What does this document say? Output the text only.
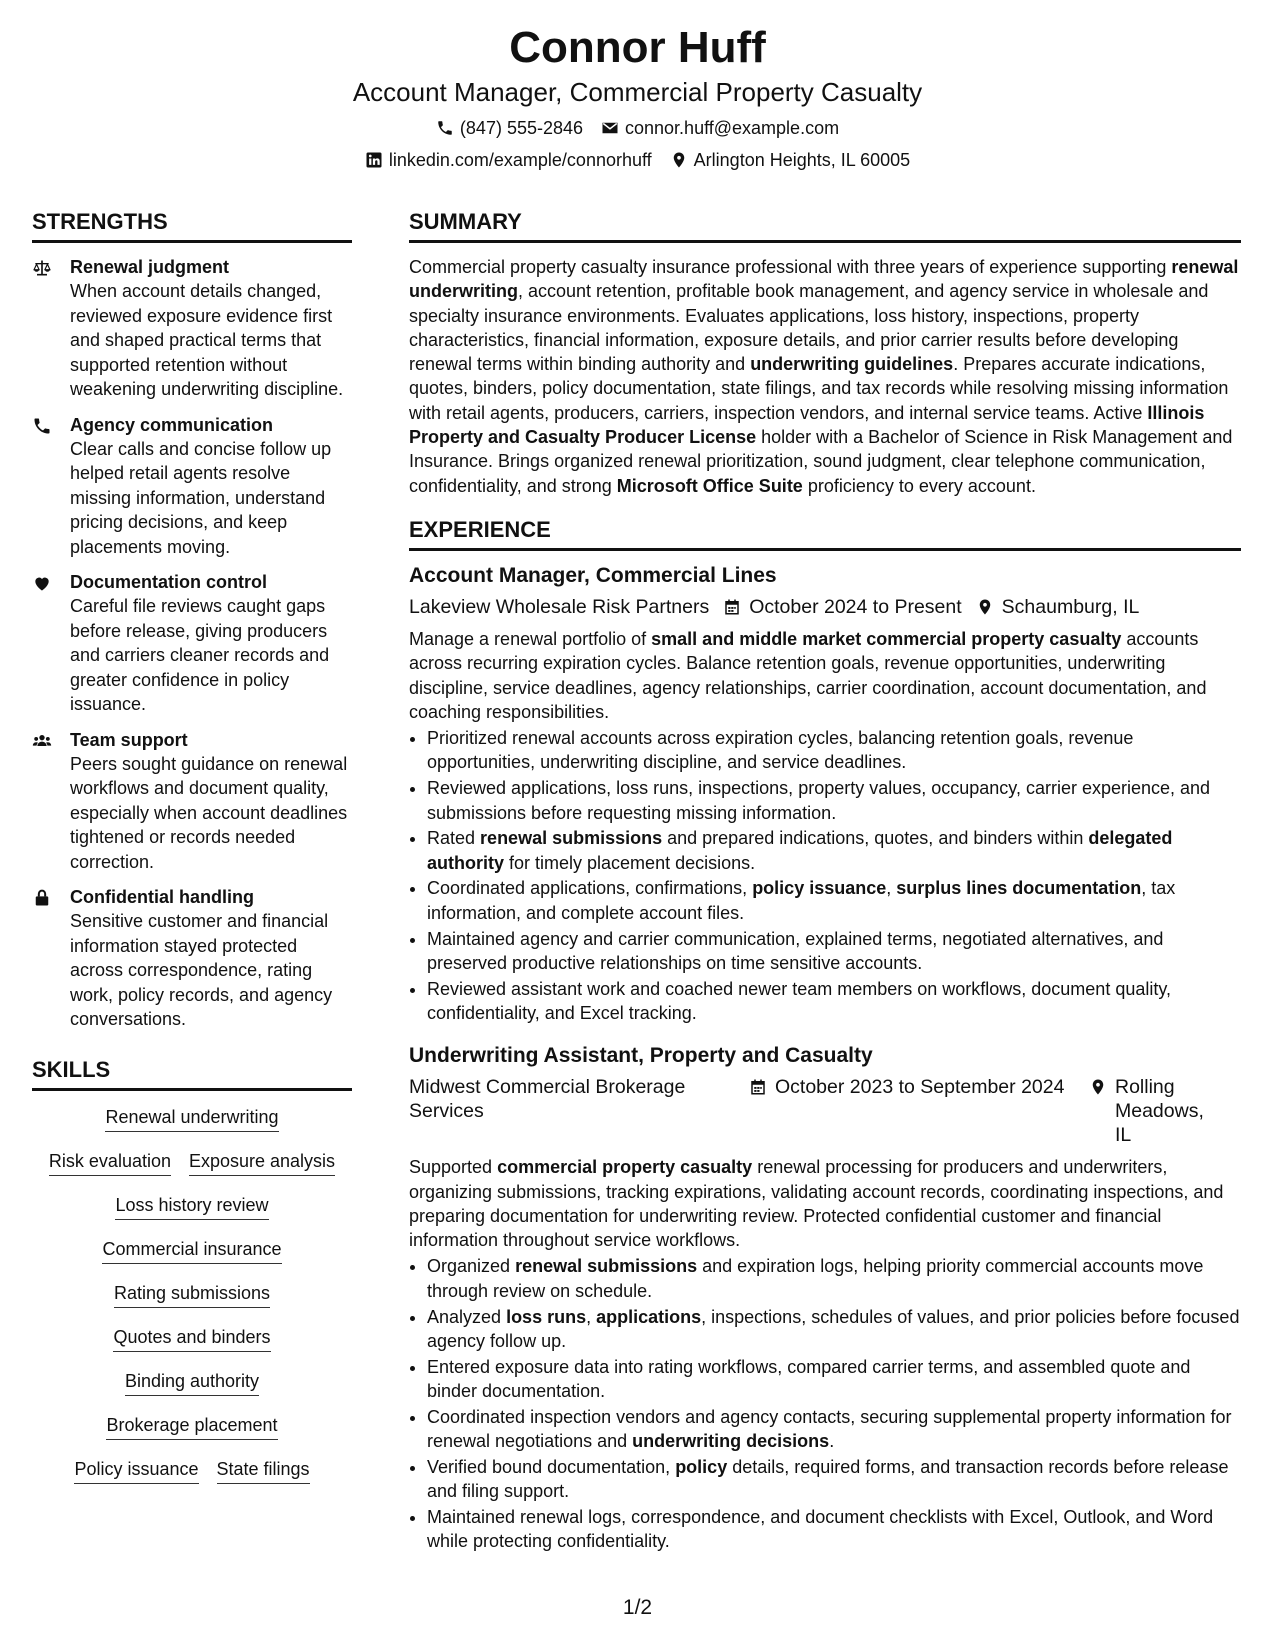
Connor Huff
Account Manager, Commercial Property Casualty
(847) 555-2846 connor.huff@example.com
linkedin.com/example/connorhuff Arlington Heights, IL 60005
STRENGTHS
Renewal judgment
When account details changed, reviewed exposure evidence first and shaped practical terms that supported retention without weakening underwriting discipline.
Agency communication
Clear calls and concise follow up helped retail agents resolve missing information, understand pricing decisions, and keep placements moving.
Documentation control
Careful file reviews caught gaps before release, giving producers and carriers cleaner records and greater confidence in policy issuance.
Team support
Peers sought guidance on renewal workflows and document quality, especially when account deadlines tightened or records needed correction.
Confidential handling
Sensitive customer and financial information stayed protected across correspondence, rating work, policy records, and agency conversations.
SKILLS
Renewal underwriting
Risk evaluation Exposure analysis
Loss history review
Commercial insurance
Rating submissions
Quotes and binders
Binding authority
Brokerage placement
Policy issuance State filings
SUMMARY

Commercial property casualty insurance professional with three years of experience supporting renewal underwriting, account retention, profitable book management, and agency service in wholesale and specialty insurance environments. Evaluates applications, loss history, inspections, property characteristics, financial information, exposure details, and prior carrier results before developing renewal terms within binding authority and underwriting guidelines. Prepares accurate indications, quotes, binders, policy documentation, state filings, and tax records while resolving missing information with retail agents, producers, carriers, inspection vendors, and internal service teams. Active Illinois Property and Casualty Producer License holder with a Bachelor of Science in Risk Management and Insurance. Brings organized renewal prioritization, sound judgment, clear telephone communication, confidentiality, and strong Microsoft Office Suite proficiency to every account.

EXPERIENCE
Account Manager, Commercial Lines
Lakeview Wholesale Risk Partners October 2024 to Present Schaumburg, IL

Manage a renewal portfolio of small and middle market commercial property casualty accounts across recurring expiration cycles. Balance retention goals, revenue opportunities, underwriting discipline, service deadlines, agency relationships, carrier coordination, account documentation, and coaching responsibilities.

• Prioritized renewal accounts across expiration cycles, balancing retention goals, revenue opportunities, underwriting discipline, and service deadlines.
• Reviewed applications, loss runs, inspections, property values, occupancy, carrier experience, and submissions before requesting missing information.
• Rated renewal submissions and prepared indications, quotes, and binders within delegated authority for timely placement decisions.
• Coordinated applications, confirmations, policy issuance, surplus lines documentation, tax information, and complete account files.
• Maintained agency and carrier communication, explained terms, negotiated alternatives, and preserved productive relationships on time sensitive accounts.
• Reviewed assistant work and coached newer team members on workflows, document quality, confidentiality, and Excel tracking.
Underwriting Assistant, Property and Casualty
Midwest Commercial Brokerage Services
October 2023 to September 2024	Rolling Meadows, IL

Supported commercial property casualty renewal processing for producers and underwriters, organizing submissions, tracking expirations, validating account records, coordinating inspections, and preparing documentation for underwriting review. Protected confidential customer and financial information throughout service workflows.

• Organized renewal submissions and expiration logs, helping priority commercial accounts move through review on schedule.
• Analyzed loss runs, applications, inspections, schedules of values, and prior policies before focused agency follow up.
• Entered exposure data into rating workflows, compared carrier terms, and assembled quote and binder documentation.
• Coordinated inspection vendors and agency contacts, securing supplemental property information for renewal negotiations and underwriting decisions.
• Verified bound documentation, policy details, required forms, and transaction records before release and filing support.
• Maintained renewal logs, correspondence, and document checklists with Excel, Outlook, and Word while protecting confidentiality.
1/2
